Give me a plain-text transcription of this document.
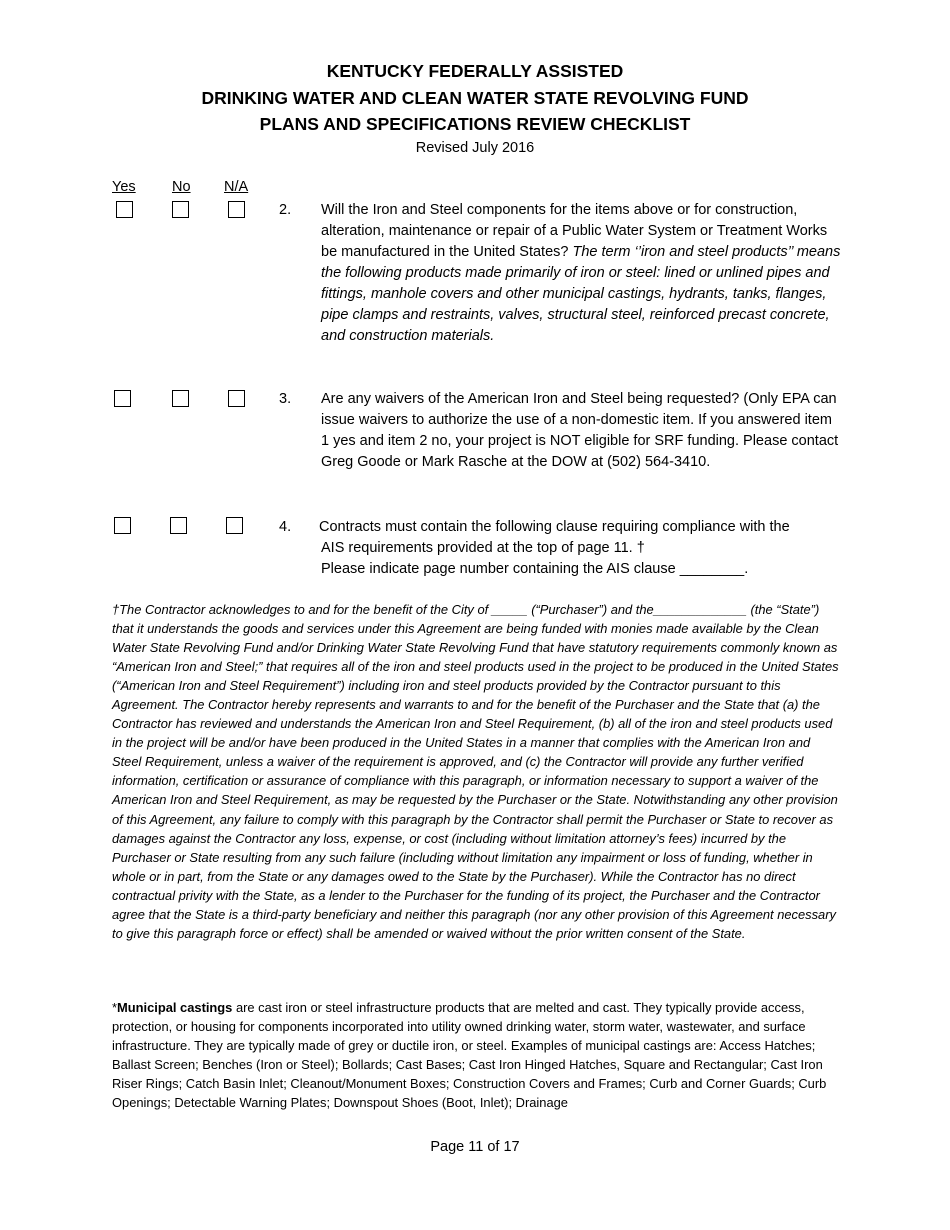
KENTUCKY FEDERALLY ASSISTED
DRINKING WATER AND CLEAN WATER STATE REVOLVING FUND
PLANS AND SPECIFICATIONS REVIEW CHECKLIST
Revised July 2016
Yes	No N/A
2. Will the Iron and Steel components for the items above or for construction, alteration, maintenance or repair of a Public Water System or Treatment Works be manufactured in the United States? The term ‘’iron and steel products’’ means the following products made primarily of iron or steel: lined or unlined pipes and fittings, manhole covers and other municipal castings, hydrants, tanks, flanges, pipe clamps and restraints, valves, structural steel, reinforced precast concrete, and construction materials.
3. Are any waivers of the American Iron and Steel being requested? (Only EPA can issue waivers to authorize the use of a non-domestic item. If you answered item 1 yes and item 2 no, your project is NOT eligible for SRF funding. Please contact Greg Goode or Mark Rasche at the DOW at (502) 564-3410.
4. Contracts must contain the following clause requiring compliance with the
AIS requirements provided at the top of page 11. †
Please indicate page number containing the AIS clause ________.
†The Contractor acknowledges to and for the benefit of the City of _____ (“Purchaser”) and the_____________ (the “State”) that it understands the goods and services under this Agreement are being funded with monies made available by the Clean Water State Revolving Fund and/or Drinking Water State Revolving Fund that have statutory requirements commonly known as “American Iron and Steel;” that requires all of the iron and steel products used in the project to be produced in the United States (“American Iron and Steel Requirement”) including iron and steel products provided by the Contractor pursuant to this Agreement. The Contractor hereby represents and warrants to and for the benefit of the Purchaser and the State that (a) the Contractor has reviewed and understands the American Iron and Steel Requirement, (b) all of the iron and steel products used in the project will be and/or have been produced in the United States in a manner that complies with the American Iron and Steel Requirement, unless a waiver of the requirement is approved, and (c) the Contractor will provide any further verified information, certification or assurance of compliance with this paragraph, or information necessary to support a waiver of the American Iron and Steel Requirement, as may be requested by the Purchaser or the State. Notwithstanding any other provision of this Agreement, any failure to comply with this paragraph by the Contractor shall permit the Purchaser or State to recover as damages against the Contractor any loss, expense, or cost (including without limitation attorney’s fees) incurred by the Purchaser or State resulting from any such failure (including without limitation any impairment or loss of funding, whether in whole or in part, from the State or any damages owed to the State by the Purchaser). While the Contractor has no direct contractual privity with the State, as a lender to the Purchaser for the funding of its project, the Purchaser and the Contractor agree that the State is a third-party beneficiary and neither this paragraph (nor any other provision of this Agreement necessary to give this paragraph force or effect) shall be amended or waived without the prior written consent of the State.
*Municipal castings are cast iron or steel infrastructure products that are melted and cast. They typically provide access, protection, or housing for components incorporated into utility owned drinking water, storm water, wastewater, and surface infrastructure. They are typically made of grey or ductile iron, or steel. Examples of municipal castings are: Access Hatches; Ballast Screen; Benches (Iron or Steel); Bollards; Cast Bases; Cast Iron Hinged Hatches, Square and Rectangular; Cast Iron Riser Rings; Catch Basin Inlet; Cleanout/Monument Boxes; Construction Covers and Frames; Curb and Corner Guards; Curb Openings; Detectable Warning Plates; Downspout Shoes (Boot, Inlet); Drainage
Page 11 of 17
